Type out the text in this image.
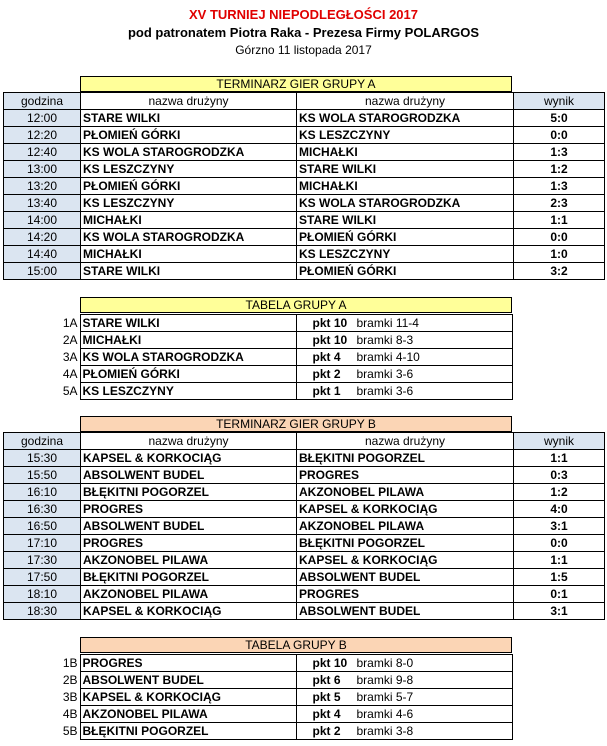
XV TURNIEJ NIEPODLEGŁOŚCI 2017
pod patronatem Piotra Raka - Prezesa Firmy POLARGOS
Górzno 11 listopada 2017
TERMINARZ GIER GRUPY A
godzina	nazwa drużyny	nazwa drużyny	wynik
12:00	STARE WILKI	KS WOLA STAROGRODZKA	5:0
12:20	PŁOMIEŃ GÓRKI	KS LESZCZYNY	0:0
12:40	KS WOLA STAROGRODZKA	MICHAŁKI	1:3
13:00	KS LESZCZYNY	STARE WILKI	1:2
13:20	PŁOMIEŃ GÓRKI	MICHAŁKI	1:3
13:40	KS LESZCZYNY	KS WOLA STAROGRODZKA	2:3
14:00	MICHAŁKI	STARE WILKI	1:1
14:20	KS WOLA STAROGRODZKA	PŁOMIEŃ GÓRKI	0:0
14:40	MICHAŁKI	KS LESZCZYNY	1:0
15:00	STARE WILKI	PŁOMIEŃ GÓRKI	3:2
TABELA GRUPY A
1A	STARE WILKI	pkt 10 bramki 11-4
2A	MICHAŁKI	pkt 10 bramki 8-3
3A	KS WOLA STAROGRODZKA	pkt 4 bramki 4-10
4A	PŁOMIEŃ GÓRKI	pkt 2 bramki 3-6
5A	KS LESZCZYNY	pkt 1 bramki 3-6
TERMINARZ GIER GRUPY B
godzina	nazwa drużyny	nazwa drużyny	wynik
15:30	KAPSEL & KORKOCIĄG	BŁĘKITNI POGORZEL	1:1
15:50	ABSOLWENT BUDEL	PROGRES	0:3
16:10	BŁĘKITNI POGORZEL	AKZONOBEL PILAWA	1:2
16:30	PROGRES	KAPSEL & KORKOCIĄG	4:0
16:50	ABSOLWENT BUDEL	AKZONOBEL PILAWA	3:1
17:10	PROGRES	BŁĘKITNI POGORZEL	0:0
17:30	AKZONOBEL PILAWA	KAPSEL & KORKOCIĄG	1:1
17:50	BŁĘKITNI POGORZEL	ABSOLWENT BUDEL	1:5
18:10	AKZONOBEL PILAWA	PROGRES	0:1
18:30	KAPSEL & KORKOCIĄG	ABSOLWENT BUDEL	3:1
TABELA GRUPY B
1B	PROGRES	pkt 10 bramki 8-0
2B	ABSOLWENT BUDEL	pkt 6 bramki 9-8
3B	KAPSEL & KORKOCIĄG	pkt 5 bramki 5-7
4B	AKZONOBEL PILAWA	pkt 4 bramki 4-6
5B	BŁĘKITNI POGORZEL	pkt 2 bramki 3-8
